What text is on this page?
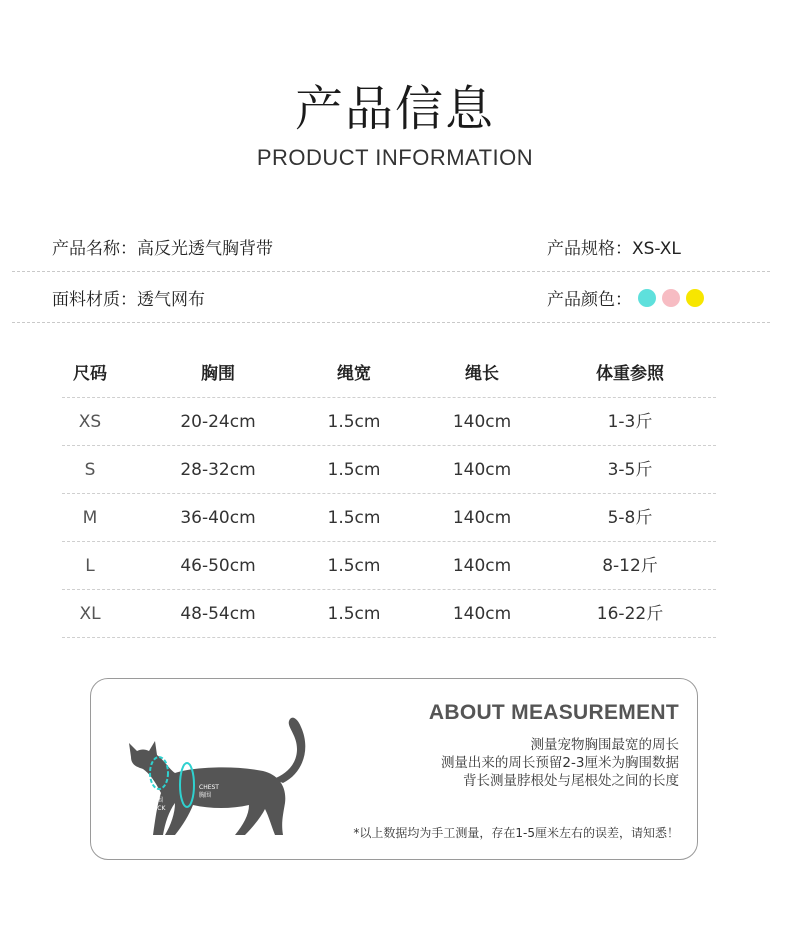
产品信息
PRODUCT INFORMATION
产品名称：高反光透气胸背带	产品规格：XS-XL
面料材质：透气网布	产品颜色：
尺码	胸围	绳宽	绳长	体重参照
XS	20-24cm	1.5cm	140cm	1-3斤
S	28-32cm	1.5cm	140cm	3-5斤
M	36-40cm	1.5cm	140cm	5-8斤
L	46-50cm	1.5cm	140cm	8-12斤
XL	48-54cm	1.5cm	140cm	16-22斤
脖围
NECK
CHEST
胸围
ABOUT MEASUREMENT
测量宠物胸围最宽的周长
测量出来的周长预留2-3厘米为胸围数据
背长测量脖根处与尾根处之间的长度
*以上数据均为手工测量，存在1-5厘米左右的误差，请知悉！
